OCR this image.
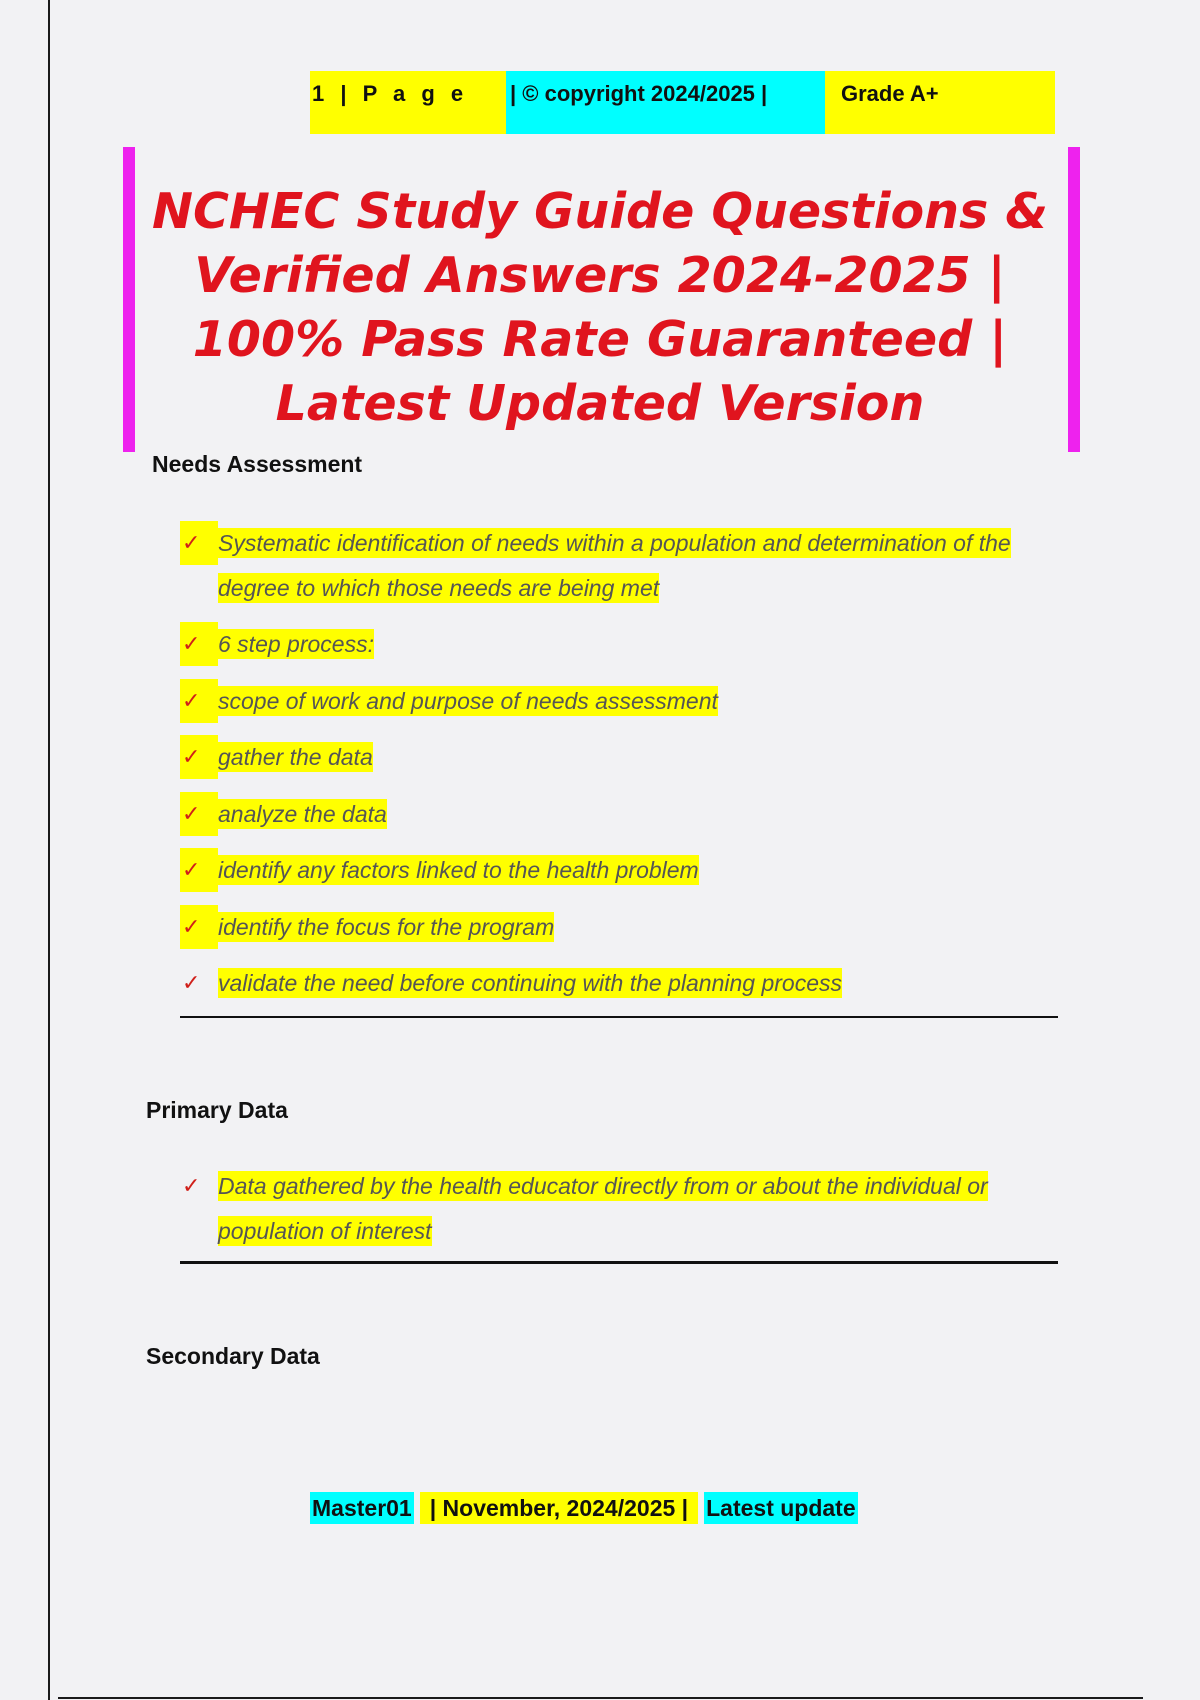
1 | P a g e	| © copyright 2024/2025 |	Grade A+
NCHEC Study Guide Questions & Verified Answers 2024-2025 | 100% Pass Rate Guaranteed | Latest Updated Version
Needs Assessment
✓ Systematic identification of needs within a population and determination of the degree to which those needs are being met
✓ 6 step process:
✓ scope of work and purpose of needs assessment
✓ gather the data
✓ analyze the data
✓ identify any factors linked to the health problem
✓ identify the focus for the program
✓ validate the need before continuing with the planning process
Primary Data
✓ Data gathered by the health educator directly from or about the individual or population of interest
Secondary Data
Master01 | November, 2024/2025 | Latest update
